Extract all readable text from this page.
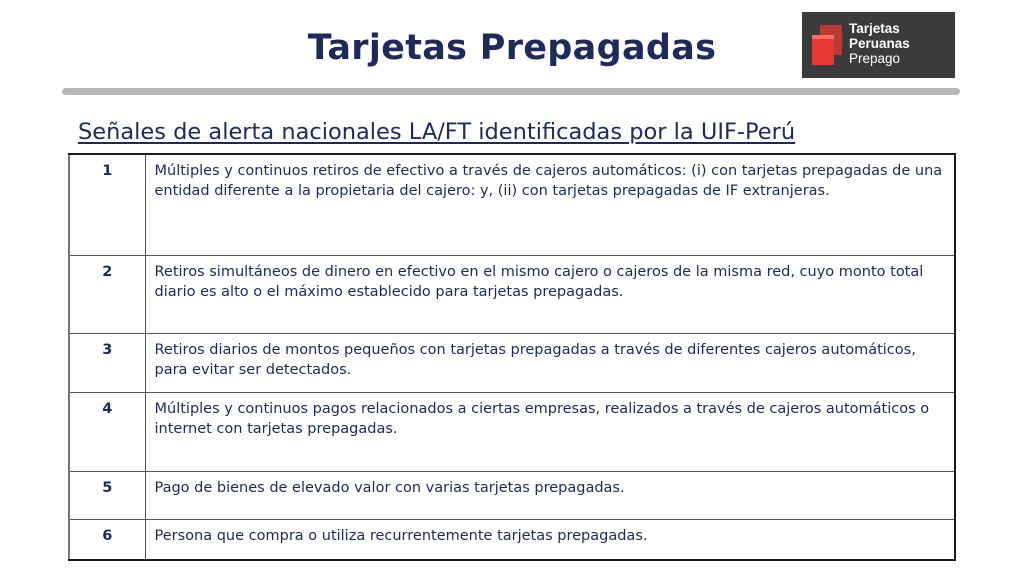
Tarjetas Prepagadas	Tarjetas
Peruanas
Prepago
Señales de alerta nacionales LA/FT identificadas por la UIF-Perú
1	Múltiples y continuos retiros de efectivo a través de cajeros automáticos: (i) con tarjetas prepagadas de una entidad diferente a la propietaria del cajero: y, (ii) con tarjetas prepagadas de IF extranjeras.
2	Retiros simultáneos de dinero en efectivo en el mismo cajero o cajeros de la misma red, cuyo monto total diario es alto o el máximo establecido para tarjetas prepagadas.
3	Retiros diarios de montos pequeños con tarjetas prepagadas a través de diferentes cajeros automáticos, para evitar ser detectados.
4	Múltiples y continuos pagos relacionados a ciertas empresas, realizados a través de cajeros automáticos o internet con tarjetas prepagadas.
5	Pago de bienes de elevado valor con varias tarjetas prepagadas.
6	Persona que compra o utiliza recurrentemente tarjetas prepagadas.
